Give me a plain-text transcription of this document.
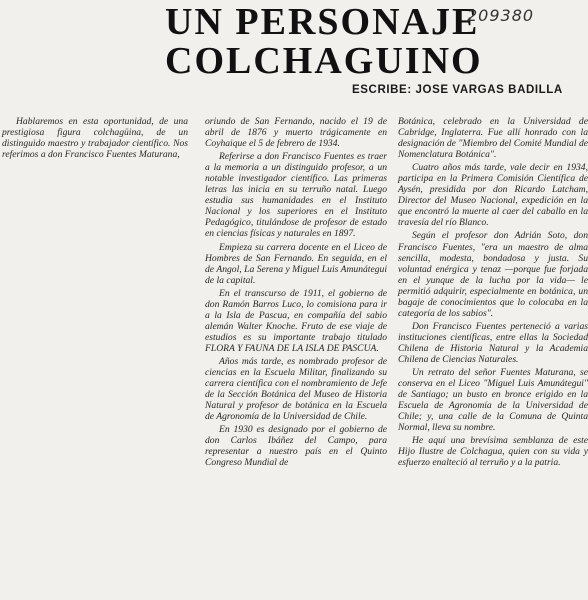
UN PERSONAJE
COLCHAGUINO
209380
ESCRIBE: JOSE VARGAS BADILLA

Hablaremos en esta oportunidad, de una prestigiosa figura colchagüina, de un distinguido maestro y trabajador científico. Nos referimos a don Francisco Fuentes Maturana,

oriundo de San Fernando, nacido el 19 de abril de 1876 y muerto trágicamente en Coyhaique el 5 de febrero de 1934.

Referirse a don Francisco Fuentes es traer a la memoria a un distinguido profesor, a un notable investigador científico. Las primeras letras las inicia en su terruño natal. Luego estudia sus humanidades en el Instituto Nacional y los superiores en el Instituto Pedagógico, titulándose de profesor de estado en ciencias físicas y naturales en 1897.

Empieza su carrera docente en el Liceo de Hombres de San Fernando. En seguida, en el de Angol, La Serena y Miguel Luis Amunátegui de la capital.

En el transcurso de 1911, el gobierno de don Ramón Barros Luco, lo comisiona para ir a la Isla de Pascua, en compañía del sabio alemán Walter Knoche. Fruto de ese viaje de estudios es su importante trabajo titulado FLORA Y FAUNA DE LA ISLA DE PASCUA.

Años más tarde, es nombrado profesor de ciencias en la Escuela Militar, finalizando su carrera científica con el nombramiento de Jefe de la Sección Botánica del Museo de Historia Natural y profesor de botánica en la Escuela de Agronomía de la Universidad de Chile.

En 1930 es designado por el gobierno de don Carlos Ibáñez del Campo, para representar a nuestro país en el Quinto Congreso Mundial de

Botánica, celebrado en la Universidad de Cabridge, Inglaterra. Fue allí honrado con la designación de "Miembro del Comité Mundial de Nomenclatura Botánica".

Cuatro años más tarde, vale decir en 1934, participa en la Primera Comisión Científica de Aysén, presidida por don Ricardo Latcham, Director del Museo Nacional, expedición en la que encontró la muerte al caer del caballo en la travesía del río Blanco.

Según el profesor don Adrián Soto, don Francisco Fuentes, "era un maestro de alma sencilla, modesta, bondadosa y justa. Su voluntad enérgica y tenaz —porque fue forjada en el yunque de la lucha por la vida— le permitió adquirir, especialmente en botánica, un bagaje de conocimientos que lo colocaba en la categoría de los sabios".

Don Francisco Fuentes perteneció a varias instituciones científicas, entre ellas la Sociedad Chilena de Historia Natural y la Academia Chilena de Ciencias Naturales.

Un retrato del señor Fuentes Maturana, se conserva en el Liceo "Miguel Luis Amunátegui" de Santiago; un busto en bronce erigido en la Escuela de Agronomía de la Universidad de Chile; y, una calle de la Comuna de Quinta Normal, lleva su nombre.

He aquí una brevísima semblanza de este Hijo Ilustre de Colchagua, quien con su vida y esfuerzo enalteció al terruño y a la patria.
